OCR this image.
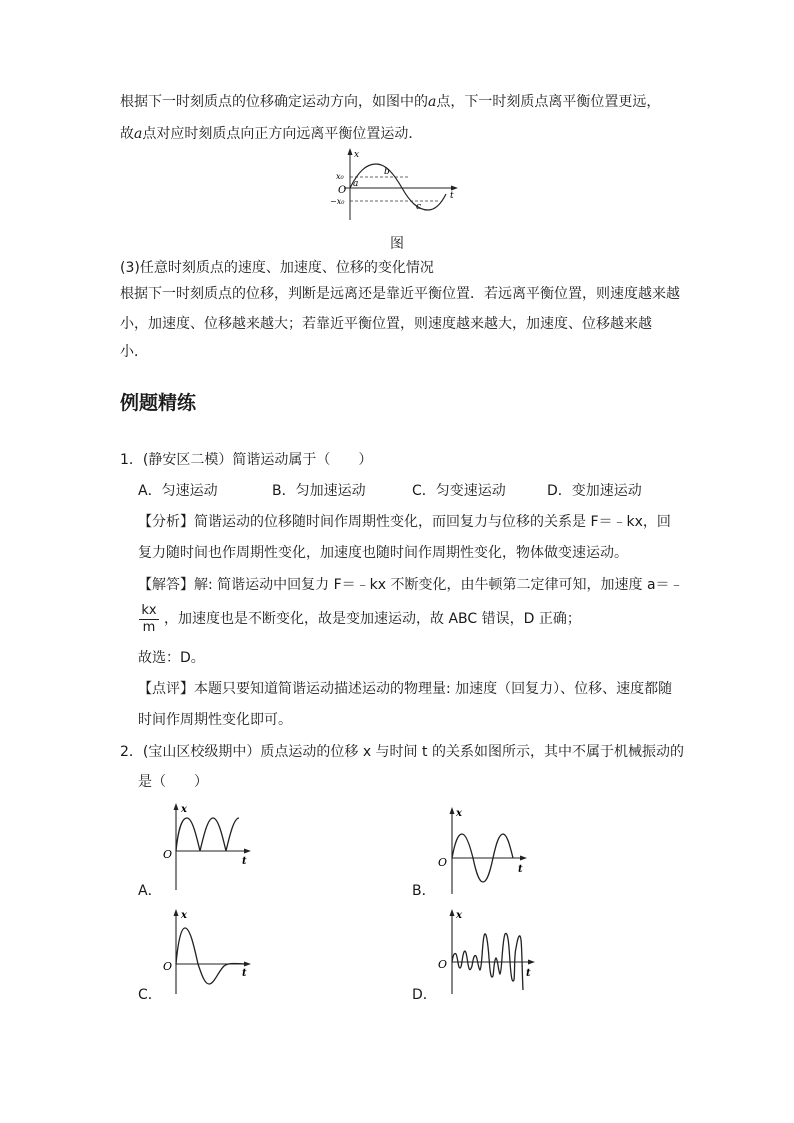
根据下一时刻质点的位移确定运动方向，如图中的a点，下一时刻质点离平衡位置更远，
故a点对应时刻质点向正方向远离平衡位置运动．
x
x₀
O
−x₀
a
b
c
t
图
(3)任意时刻质点的速度、加速度、位移的变化情况
根据下一时刻质点的位移，判断是远离还是靠近平衡位置．若远离平衡位置，则速度越来越
小，加速度、位移越来越大；若靠近平衡位置，则速度越来越大，加速度、位移越来越
小．
例题精练
1．(静安区二模）简谐运动属于（　　）
A．匀速运动	B．匀加速运动	C．匀变速运动	D．变加速运动
【分析】简谐运动的位移随时间作周期性变化，而回复力与位移的关系是 F＝﹣kx，回
复力随时间也作周期性变化，加速度也随时间作周期性变化，物体做变速运动。
【解答】解: 简谐运动中回复力 F＝﹣kx 不断变化，由牛顿第二定律可知，加速度 a＝﹣
$\frac{kx}{m}$ ，加速度也是不断变化，故是变加速运动，故 ABC 错误，D 正确；
故选：D。
【点评】本题只要知道简谐运动描述运动的物理量: 加速度（回复力）、位移、速度都随
时间作周期性变化即可。
2．(宝山区校级期中）质点运动的位移 x 与时间 t 的关系如图所示，其中不属于机械振动的
是（　　）
x
O
t
A．
x
O
t
B．
x
O
t
C．
x
O
t
D．
